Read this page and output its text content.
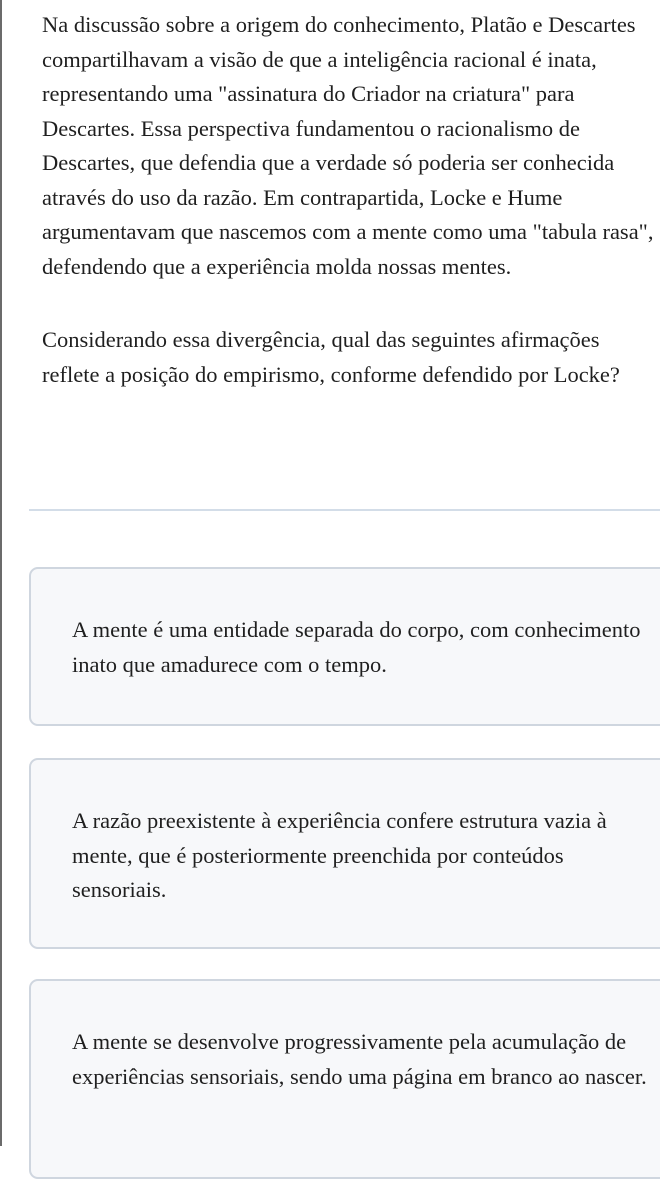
Na discussão sobre a origem do conhecimento, Platão e Descartes compartilhavam a visão de que a inteligência racional é inata, representando uma "assinatura do Criador na criatura" para Descartes. Essa perspectiva fundamentou o racionalismo de Descartes, que defendia que a verdade só poderia ser conhecida através do uso da razão. Em contrapartida, Locke e Hume argumentavam que nascemos com a mente como uma "tabula rasa", defendendo que a experiência molda nossas mentes.

Considerando essa divergência, qual das seguintes afirmações reflete a posição do empirismo, conforme defendido por Locke?

A mente é uma entidade separada do corpo, com conhecimento inato que amadurece com o tempo.
A razão preexistente à experiência confere estrutura vazia à mente, que é posteriormente preenchida por conteúdos sensoriais.
A mente se desenvolve progressivamente pela acumulação de experiências sensoriais, sendo uma página em branco ao nascer.
